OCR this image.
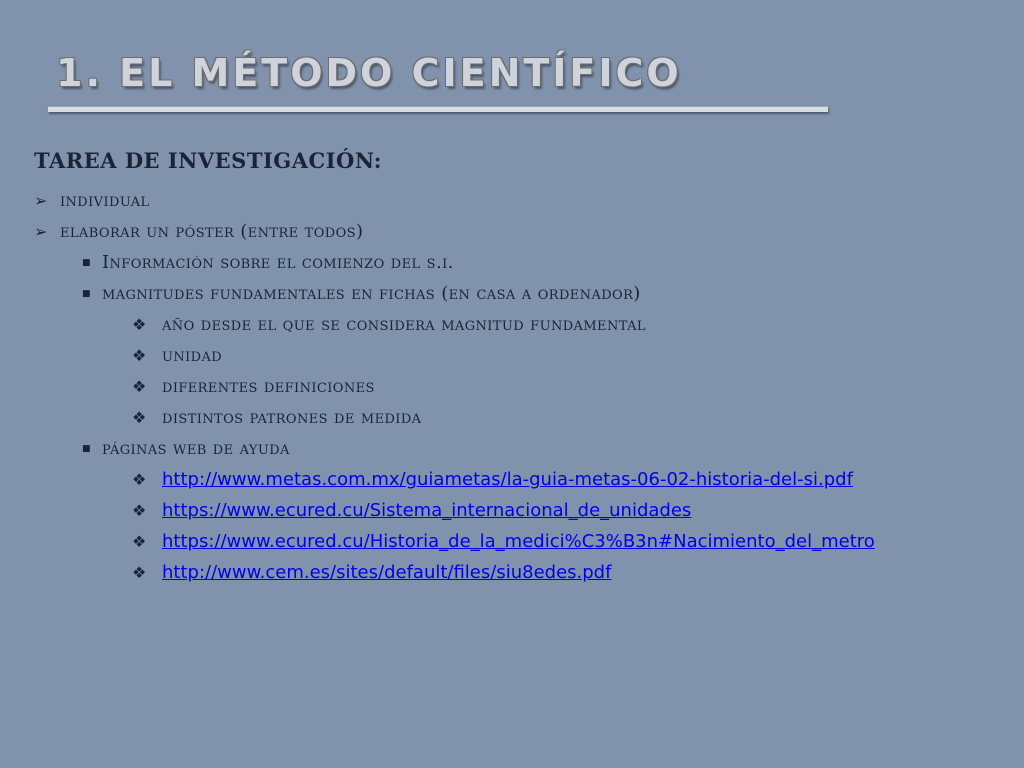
1. EL MÉTODO CIENTÍFICO
TAREA DE INVESTIGACIÓN:
➢ individual
➢ elaborar un póster (entre todos)
■ Información sobre el comienzo del s.i.
■ magnitudes fundamentales en fichas (en casa a ordenador)
❖ año desde el que se considera magnitud fundamental
❖ unidad
❖ diferentes definiciones
❖ distintos patrones de medida
■ páginas web de ayuda
❖ http://www.metas.com.mx/guiametas/la-guia-metas-06-02-historia-del-si.pdf
❖ https://www.ecured.cu/Sistema_internacional_de_unidades
❖ https://www.ecured.cu/Historia_de_la_medici%C3%B3n#Nacimiento_del_metro
❖ http://www.cem.es/sites/default/files/siu8edes.pdf
